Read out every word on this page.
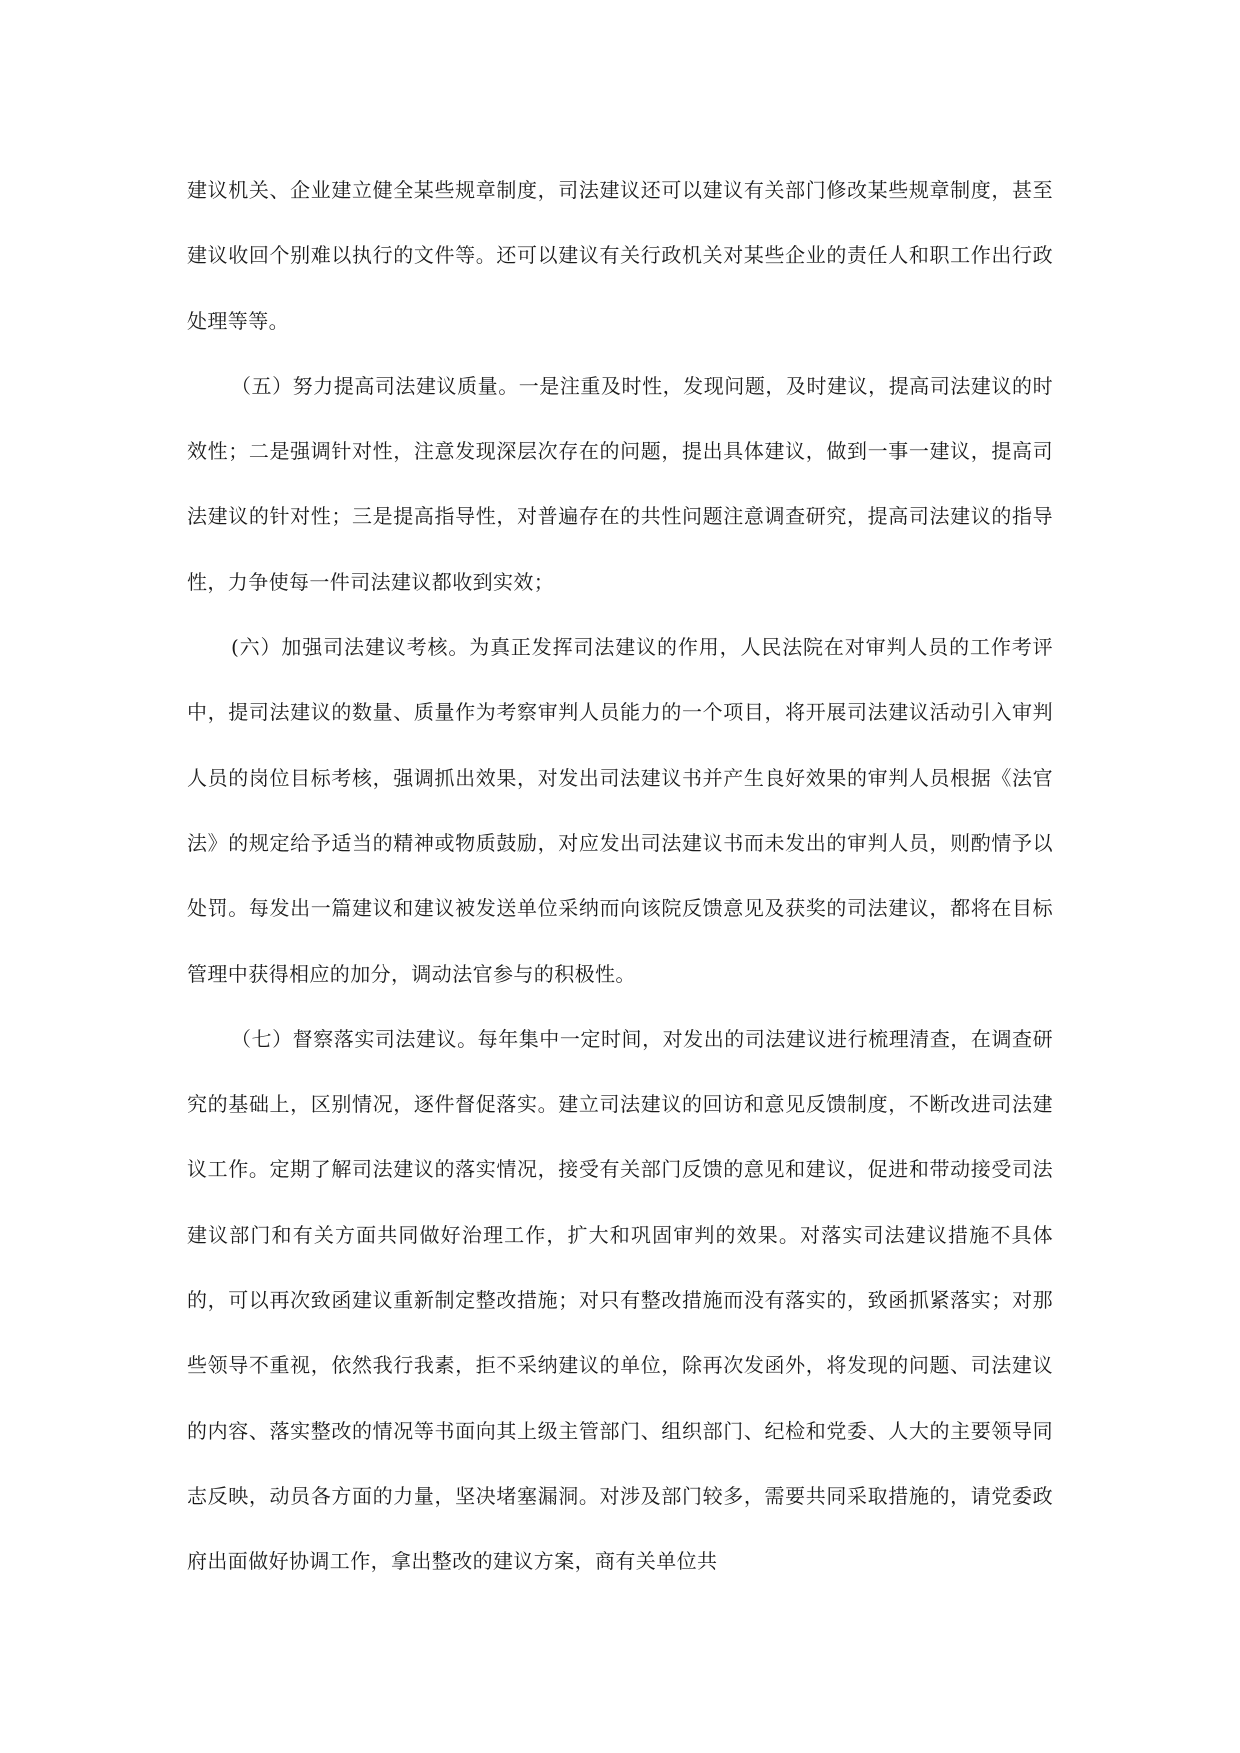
建议机关、企业建立健全某些规章制度，司法建议还可以建议有关部门修改某些规章制度，甚至建议收回个别难以执行的文件等。还可以建议有关行政机关对某些企业的责任人和职工作出行政处理等等。

（五）努力提高司法建议质量。一是注重及时性，发现问题，及时建议，提高司法建议的时效性；二是强调针对性，注意发现深层次存在的问题，提出具体建议，做到一事一建议，提高司法建议的针对性；三是提高指导性，对普遍存在的共性问题注意调查研究，提高司法建议的指导性，力争使每一件司法建议都收到实效；

(六）加强司法建议考核。为真正发挥司法建议的作用，人民法院在对审判人员的工作考评中，提司法建议的数量、质量作为考察审判人员能力的一个项目，将开展司法建议活动引入审判人员的岗位目标考核，强调抓出效果，对发出司法建议书并产生良好效果的审判人员根据《法官法》的规定给予适当的精神或物质鼓励，对应发出司法建议书而未发出的审判人员，则酌情予以处罚。每发出一篇建议和建议被发送单位采纳而向该院反馈意见及获奖的司法建议，都将在目标管理中获得相应的加分，调动法官参与的积极性。

（七）督察落实司法建议。每年集中一定时间，对发出的司法建议进行梳理清查，在调查研究的基础上，区别情况，逐件督促落实。建立司法建议的回访和意见反馈制度，不断改进司法建议工作。定期了解司法建议的落实情况，接受有关部门反馈的意见和建议，促进和带动接受司法建议部门和有关方面共同做好治理工作，扩大和巩固审判的效果。对落实司法建议措施不具体的，可以再次致函建议重新制定整改措施；对只有整改措施而没有落实的，致函抓紧落实；对那些领导不重视，依然我行我素，拒不采纳建议的单位，除再次发函外，将发现的问题、司法建议的内容、落实整改的情况等书面向其上级主管部门、组织部门、纪检和党委、人大的主要领导同志反映，动员各方面的力量，坚决堵塞漏洞。对涉及部门较多，需要共同采取措施的，请党委政府出面做好协调工作，拿出整改的建议方案，商有关单位共
